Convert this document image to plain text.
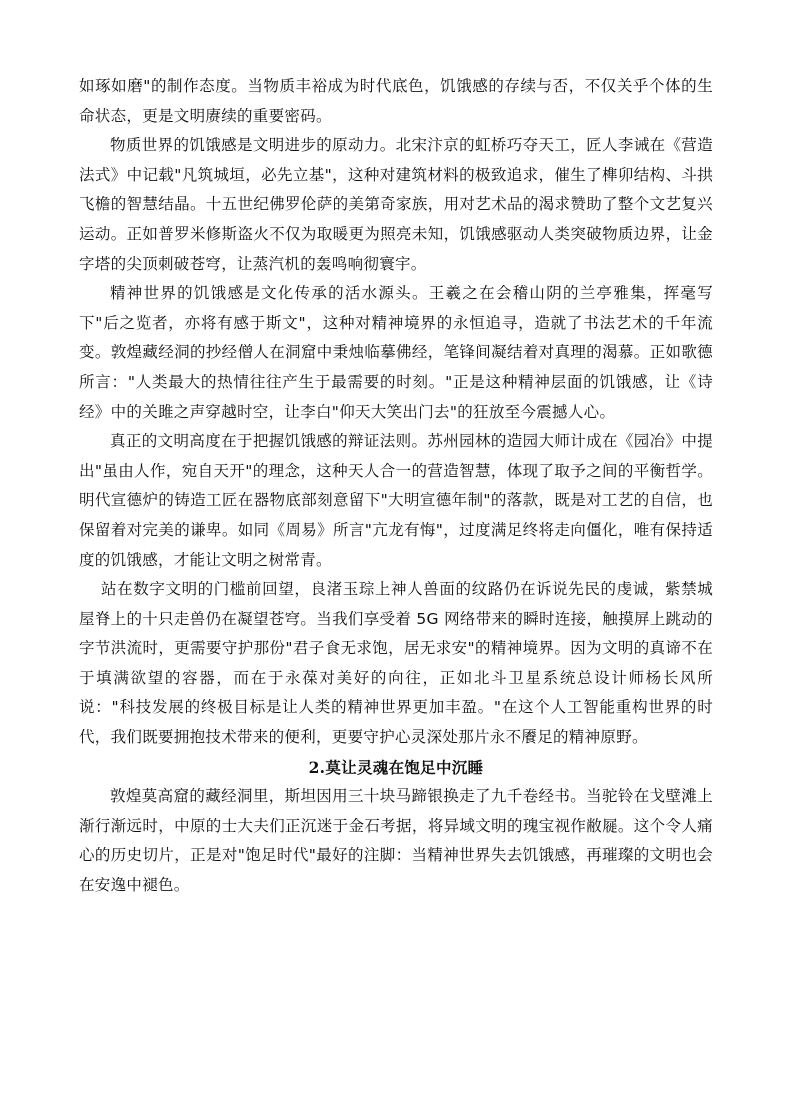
如琢如磨"的制作态度。当物质丰裕成为时代底色，饥饿感的存续与否，不仅关乎个体的生命状态，更是文明赓续的重要密码。

物质世界的饥饿感是文明进步的原动力。北宋汴京的虹桥巧夺天工，匠人李诫在《营造法式》中记载"凡筑城垣，必先立基"，这种对建筑材料的极致追求，催生了榫卯结构、斗拱飞檐的智慧结晶。十五世纪佛罗伦萨的美第奇家族，用对艺术品的渴求赞助了整个文艺复兴运动。正如普罗米修斯盗火不仅为取暖更为照亮未知，饥饿感驱动人类突破物质边界，让金字塔的尖顶刺破苍穹，让蒸汽机的轰鸣响彻寰宇。

精神世界的饥饿感是文化传承的活水源头。王羲之在会稽山阴的兰亭雅集，挥毫写下"后之览者，亦将有感于斯文"，这种对精神境界的永恒追寻，造就了书法艺术的千年流变。敦煌藏经洞的抄经僧人在洞窟中秉烛临摹佛经，笔锋间凝结着对真理的渴慕。正如歌德所言："人类最大的热情往往产生于最需要的时刻。"正是这种精神层面的饥饿感，让《诗经》中的关雎之声穿越时空，让李白"仰天大笑出门去"的狂放至今震撼人心。

真正的文明高度在于把握饥饿感的辩证法则。苏州园林的造园大师计成在《园冶》中提出"虽由人作，宛自天开"的理念，这种天人合一的营造智慧，体现了取予之间的平衡哲学。明代宣德炉的铸造工匠在器物底部刻意留下"大明宣德年制"的落款，既是对工艺的自信，也保留着对完美的谦卑。如同《周易》所言"亢龙有悔"，过度满足终将走向僵化，唯有保持适度的饥饿感，才能让文明之树常青。

站在数字文明的门槛前回望，良渚玉琮上神人兽面的纹路仍在诉说先民的虔诚，紫禁城屋脊上的十只走兽仍在凝望苍穹。当我们享受着 5G 网络带来的瞬时连接，触摸屏上跳动的字节洪流时，更需要守护那份"君子食无求饱，居无求安"的精神境界。因为文明的真谛不在于填满欲望的容器，而在于永葆对美好的向往，正如北斗卫星系统总设计师杨长风所说："科技发展的终极目标是让人类的精神世界更加丰盈。"在这个人工智能重构世界的时代，我们既要拥抱技术带来的便利，更要守护心灵深处那片永不餍足的精神原野。

2.莫让灵魂在饱足中沉睡

敦煌莫高窟的藏经洞里，斯坦因用三十块马蹄银换走了九千卷经书。当驼铃在戈壁滩上渐行渐远时，中原的士大夫们正沉迷于金石考据，将异域文明的瑰宝视作敝屣。这个令人痛心的历史切片，正是对"饱足时代"最好的注脚：当精神世界失去饥饿感，再璀璨的文明也会在安逸中褪色。
